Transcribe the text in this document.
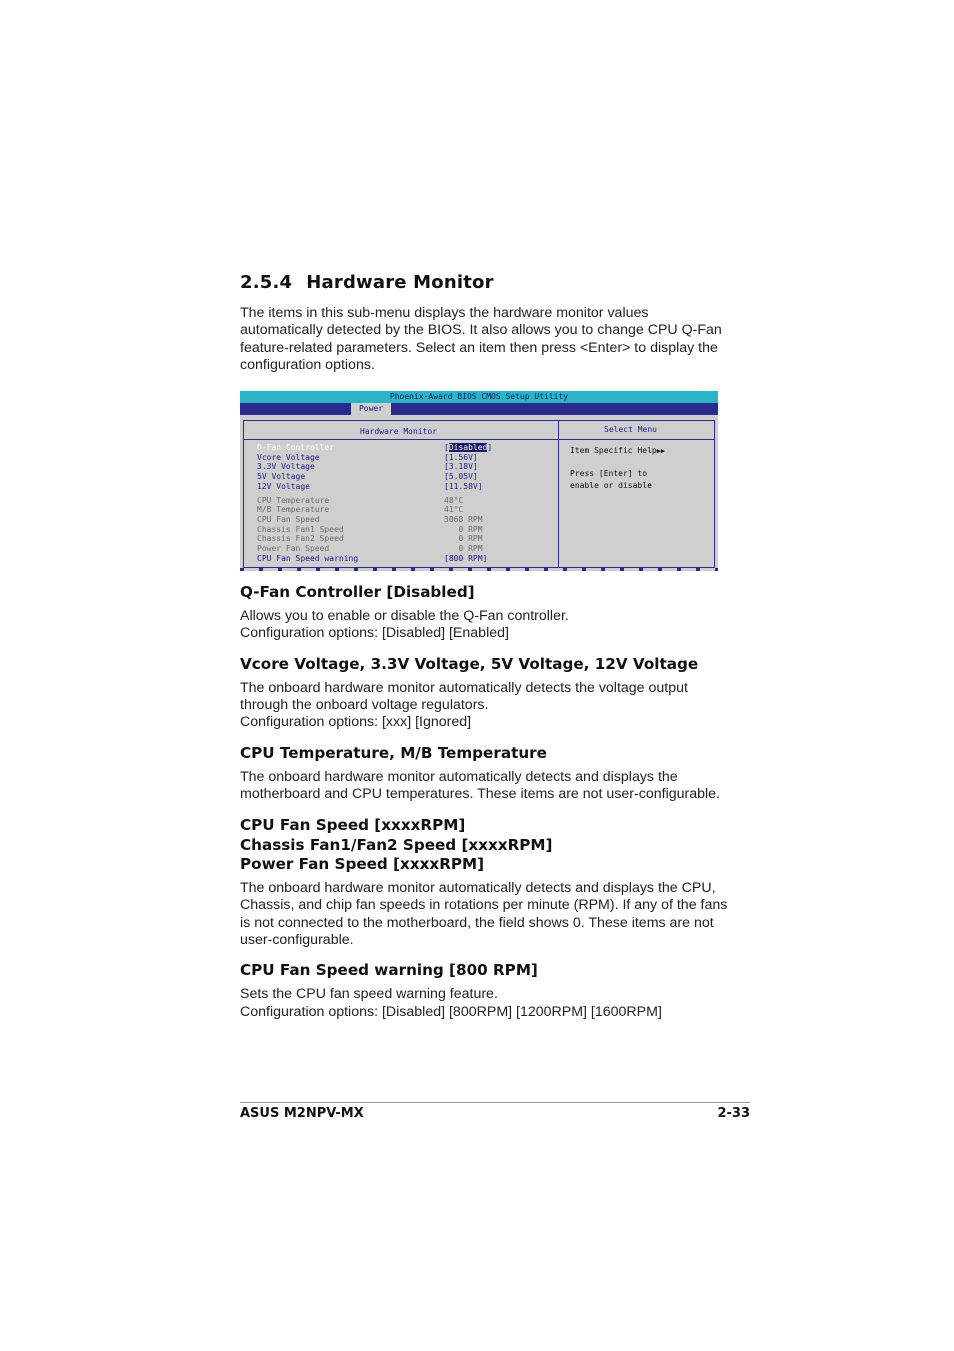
2.5.4 Hardware Monitor

The items in this sub-menu displays the hardware monitor values automatically detected by the BIOS. It also allows you to change CPU Q-Fan feature-related parameters. Select an item then press <Enter> to display the configuration options.

Phoenix-Award BIOS CMOS Setup Utility
Power
Hardware Monitor	Select Menu
Q-Fan Controller	[Disabled]
Vcore Voltage	[1.56V]
3.3V Voltage	[3.18V]
5V Voltage	[5.05V]
12V Voltage	[11.58V]
CPU Temperature	48°C
M/B Temperature	41°C
CPU Fan Speed	3068 RPM
Chassis Fan1 Speed	0 RPM
Chassis Fan2 Speed	0 RPM
Power Fan Speed	0 RPM
CPU Fan Speed warning	[800 RPM]
Item Specific Help▶▶
Press [Enter] to
enable or disable
Q-Fan Controller [Disabled]

Allows you to enable or disable the Q-Fan controller.

Configuration options: [Disabled] [Enabled]

Vcore Voltage, 3.3V Voltage, 5V Voltage, 12V Voltage

The onboard hardware monitor automatically detects the voltage output through the onboard voltage regulators.

Configuration options: [xxx] [Ignored]

CPU Temperature, M/B Temperature

The onboard hardware monitor automatically detects and displays the motherboard and CPU temperatures. These items are not user-configurable.

CPU Fan Speed [xxxxRPM]
Chassis Fan1/Fan2 Speed [xxxxRPM]
Power Fan Speed [xxxxRPM]

The onboard hardware monitor automatically detects and displays the CPU, Chassis, and chip fan speeds in rotations per minute (RPM). If any of the fans is not connected to the motherboard, the field shows 0. These items are not user-configurable.

CPU Fan Speed warning [800 RPM]

Sets the CPU fan speed warning feature.

Configuration options: [Disabled] [800RPM] [1200RPM] [1600RPM]

ASUS M2NPV-MX	2-33
